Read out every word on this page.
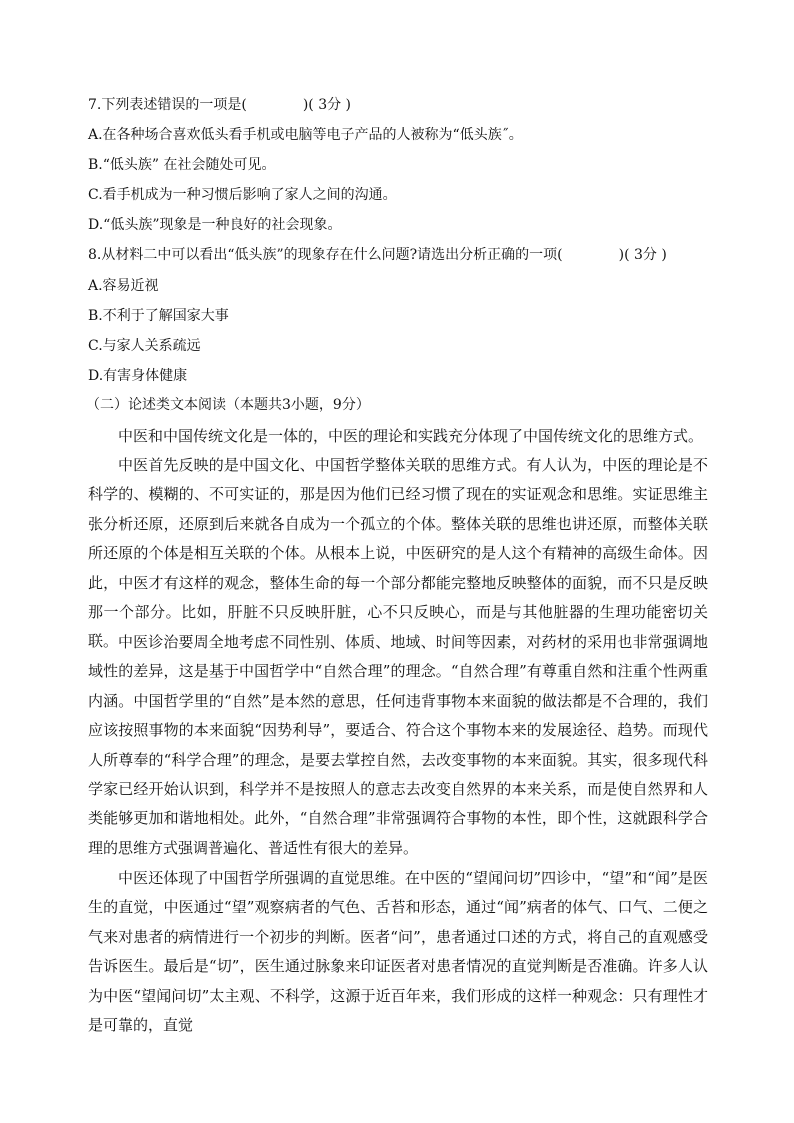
7.下列表述错误的一项是(　　　　)( 3分 )
A.在各种场合喜欢低头看手机或电脑等电子产品的人被称为“低头族˝。
B.“低头族” 在社会随处可见。
C.看手机成为一种习惯后影响了家人之间的沟通。
D.“低头族”现象是一种良好的社会现象。
8.从材料二中可以看出“低头族”的现象存在什么问题?请选出分析正确的一项(　　　　)( 3分 )
A.容易近视
B.不利于了解国家大事
C.与家人关系疏远
D.有害身体健康
（二）论述类文本阅读（本题共3小题，9分）

中医和中国传统文化是一体的，中医的理论和实践充分体现了中国传统文化的思维方式。

中医首先反映的是中国文化、中国哲学整体关联的思维方式。有人认为，中医的理论是不科学的、模糊的、不可实证的，那是因为他们已经习惯了现在的实证观念和思维。实证思维主张分析还原，还原到后来就各自成为一个孤立的个体。整体关联的思维也讲还原，而整体关联所还原的个体是相互关联的个体。从根本上说，中医研究的是人这个有精神的高级生命体。因此，中医才有这样的观念，整体生命的每一个部分都能完整地反映整体的面貌，而不只是反映那一个部分。比如，肝脏不只反映肝脏，心不只反映心，而是与其他脏器的生理功能密切关联。 中医诊治要周全地考虑不同性别、体质、地域、时间等因素，对药材的采用也非常强调地域性的差异，这是基于中国哲学中“自然合理”的理念。“自然合理”有尊重自然和注重个性两重内涵。中国哲学里的“自然”是本然的意思，任何违背事物本来面貌的做法都是不合理的，我们应该按照事物的本来面貌“因势利导”，要适合、符合这个事物本来的发展途径、趋势。而现代人所尊奉的“科学合理”的理念，是要去掌控自然，去改变事物的本来面貌。其实，很多现代科学家已经开始认识到，科学并不是按照人的意志去改变自然界的本来关系，而是使自然界和人类能够更加和谐地相处。此外，“自然合理”非常强调符合事物的本性，即个性，这就跟科学合理的思维方式强调普遍化、普适性有很大的差异。

中医还体现了中国哲学所强调的直觉思维。在中医的“望闻问切”四诊中，“望”和“闻”是医生的直觉，中医通过“望”观察病者的气色、舌苔和形态，通过“闻”病者的体气、口气、二便之气来对患者的病情进行一个初步的判断。医者“问”，患者通过口述的方式，将自己的直观感受告诉医生。最后是“切”，医生通过脉象来印证医者对患者情况的直觉判断是否准确。许多人认为中医“望闻问切”太主观、不科学，这源于近百年来，我们形成的这样一种观念：只有理性才是可靠的，直觉
